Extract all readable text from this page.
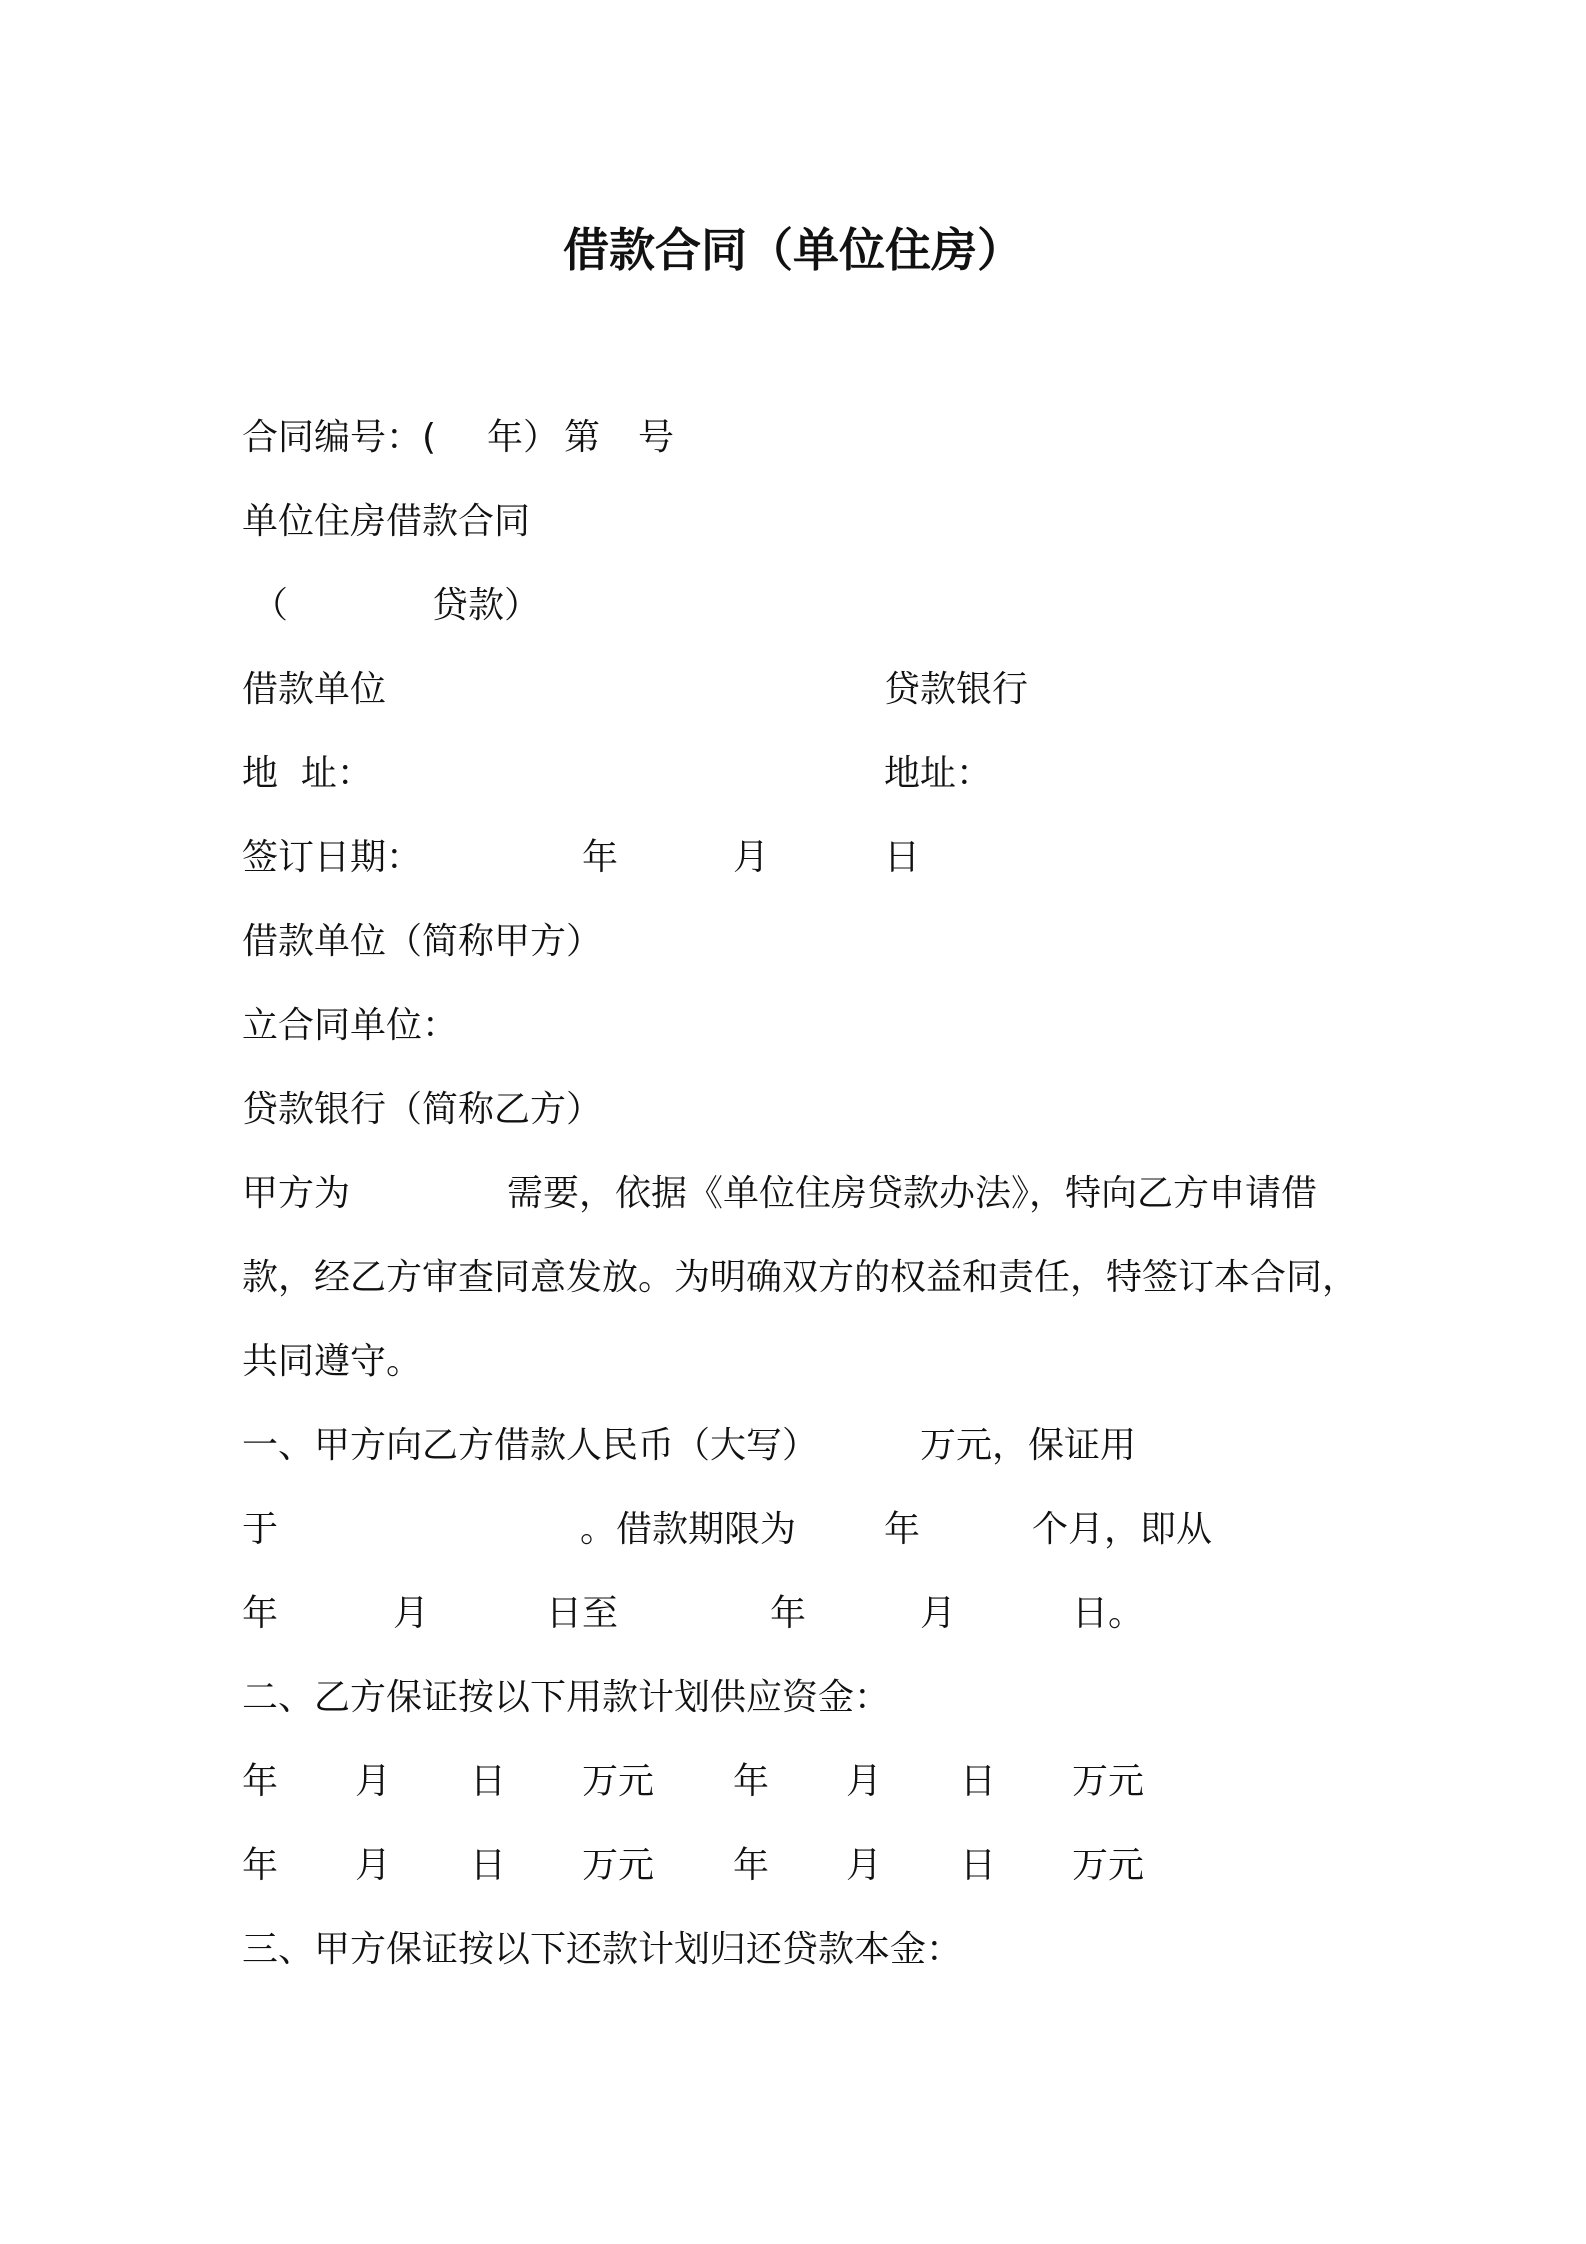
借款合同（单位住房）
合同编号：( 年） 第 号
单位住房借款合同
（	贷款）
借款单位	贷款银行
地  址：	地址：
签订日期：	年	月	日
借款单位（简称甲方）
立合同单位：
贷款银行（简称乙方）
甲方为	需要，依据《单位住房贷款办法》，特向乙方申请借
款，经乙方审查同意发放。为明确双方的权益和责任，特签订本合同，
共同遵守。
一、甲方向乙方借款人民币（大写）	万元，保证用
于	。借款期限为 年	个月，即从
年	月	日至	年	月	日。
二、乙方保证按以下用款计划供应资金：
年 月 日 万元 年 月 日 万元
年 月 日 万元 年 月 日 万元
三、甲方保证按以下还款计划归还贷款本金：
